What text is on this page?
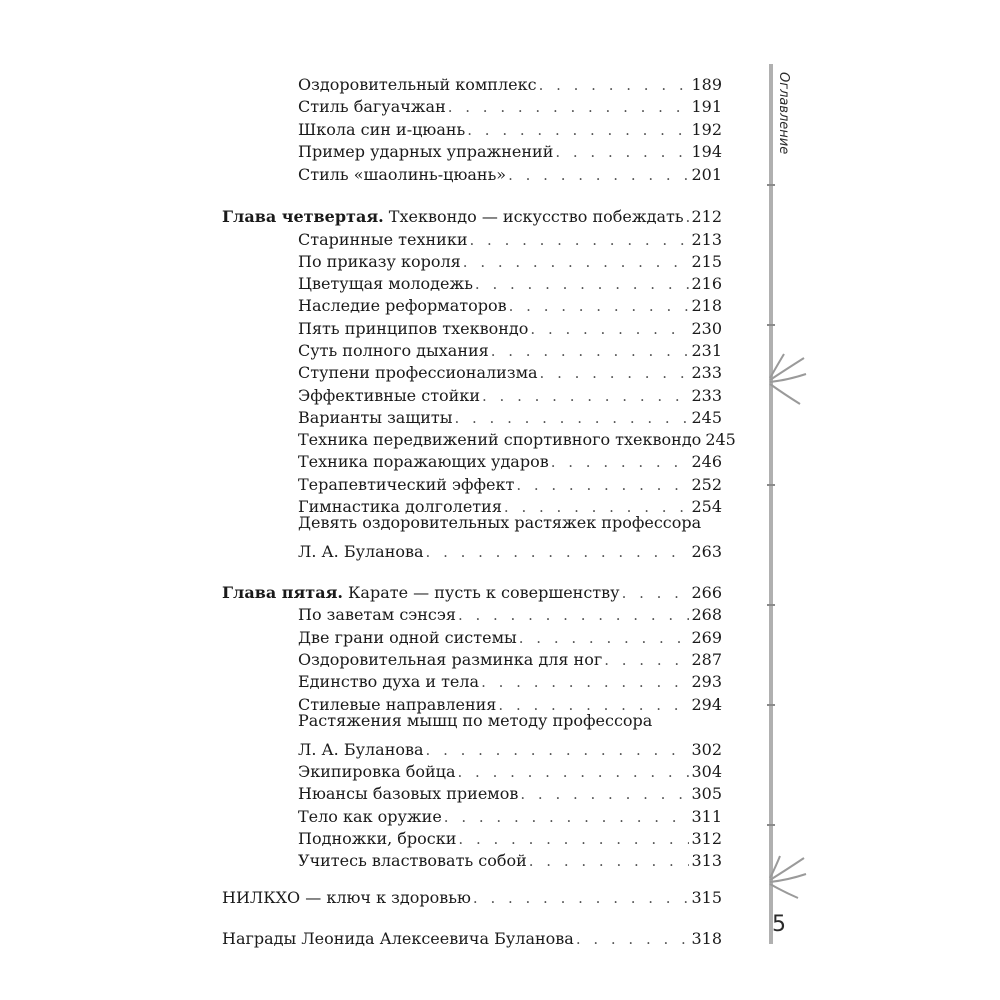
Оздоровительный комплекс . . .	189
Стиль багуачжан . . .	191
Школа син и-цюань . . .	192
Пример ударных упражнений . . .	194
Стиль «шаолинь-цюань» . . .	201
Глава четвертая. Тхеквондо — искусство побеждать . . . 212
Старинные техники . . .	213
По приказу короля . . .	215
Цветущая молодежь . . .	216
Наследие реформаторов . . .	218
Пять принципов тхеквондо . . .	230
Суть полного дыхания . . .	231
Ступени профессионализма . . .	233
Эффективные стойки . . .	233
Варианты защиты . . .	245
Техника передвижений спортивного тхеквондо 245
Техника поражающих ударов . . .	246
Терапевтический эффект . . .	252
Гимнастика долголетия . . .	254
Девять оздоровительных растяжек профессора
Л. А. Буланова . . .	263
Глава пятая. Карате — пусть к совершенству . . .	266
По заветам сэнсэя . . .	268
Две грани одной системы . . .	269
Оздоровительная разминка для ног . . .	287
Единство духа и тела . . .	293
Стилевые направления . . .	294
Растяжения мышц по методу профессора
Л. А. Буланова . . .	302
Экипировка бойца . . .	304
Нюансы базовых приемов . . .	305
Тело как оружие . . .	311
Подножки, броски . . .	312
Учитесь властвовать собой . . .	313
НИЛКХО — ключ к здоровью . . .	315
Награды Леонида Алексеевича Буланова . . .	318
Оглавление
5
